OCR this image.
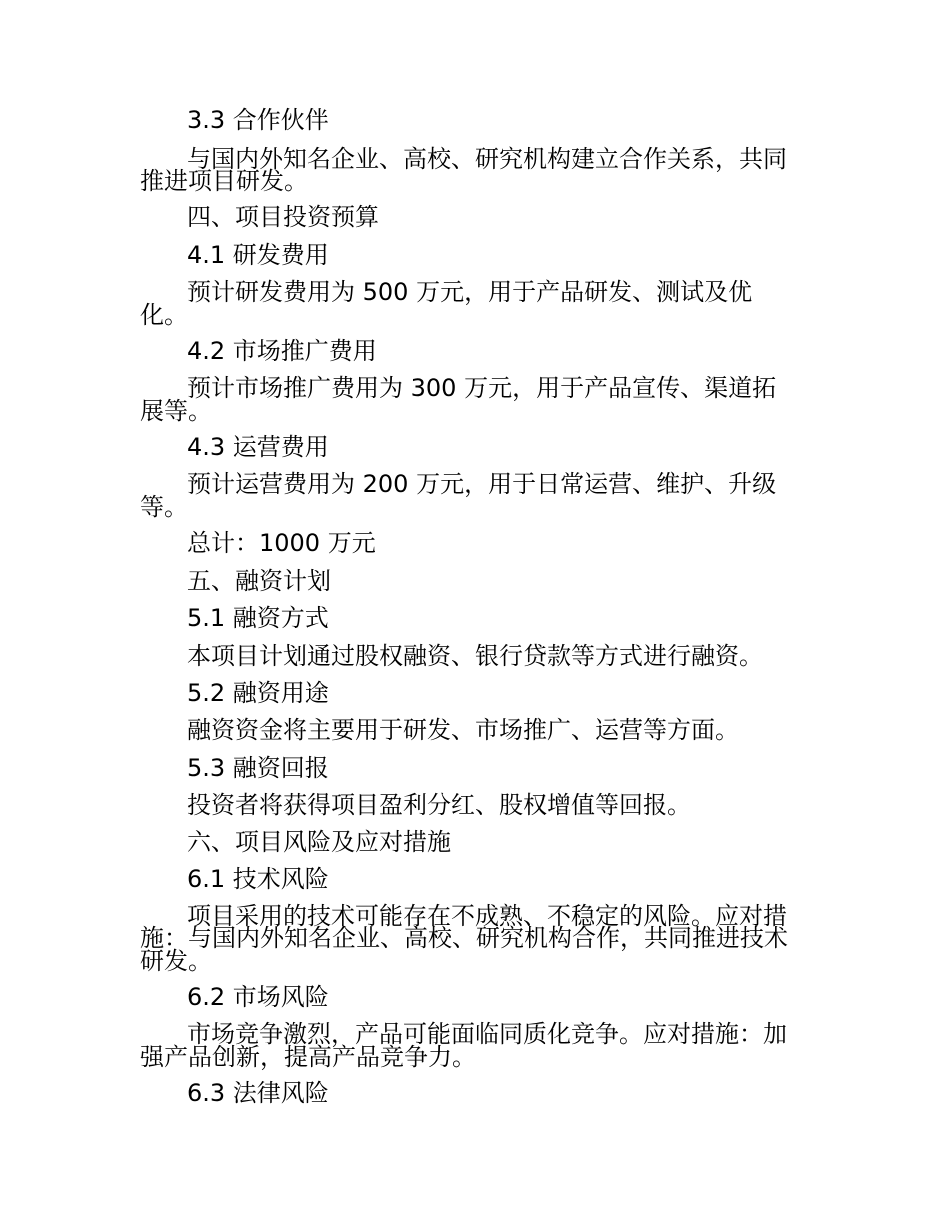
3.3 合作伙伴
与国内外知名企业、高校、研究机构建立合作关系，共同
推进项目研发。
四、项目投资预算
4.1 研发费用
预计研发费用为 500 万元，用于产品研发、测试及优
化。
4.2 市场推广费用
预计市场推广费用为 300 万元，用于产品宣传、渠道拓
展等。
4.3 运营费用
预计运营费用为 200 万元，用于日常运营、维护、升级
等。
总计：1000 万元
五、融资计划
5.1 融资方式
本项目计划通过股权融资、银行贷款等方式进行融资。
5.2 融资用途
融资资金将主要用于研发、市场推广、运营等方面。
5.3 融资回报
投资者将获得项目盈利分红、股权增值等回报。
六、项目风险及应对措施
6.1 技术风险
项目采用的技术可能存在不成熟、不稳定的风险。应对措
施：与国内外知名企业、高校、研究机构合作，共同推进技术
研发。
6.2 市场风险
市场竞争激烈，产品可能面临同质化竞争。应对措施：加
强产品创新，提高产品竞争力。
6.3 法律风险
